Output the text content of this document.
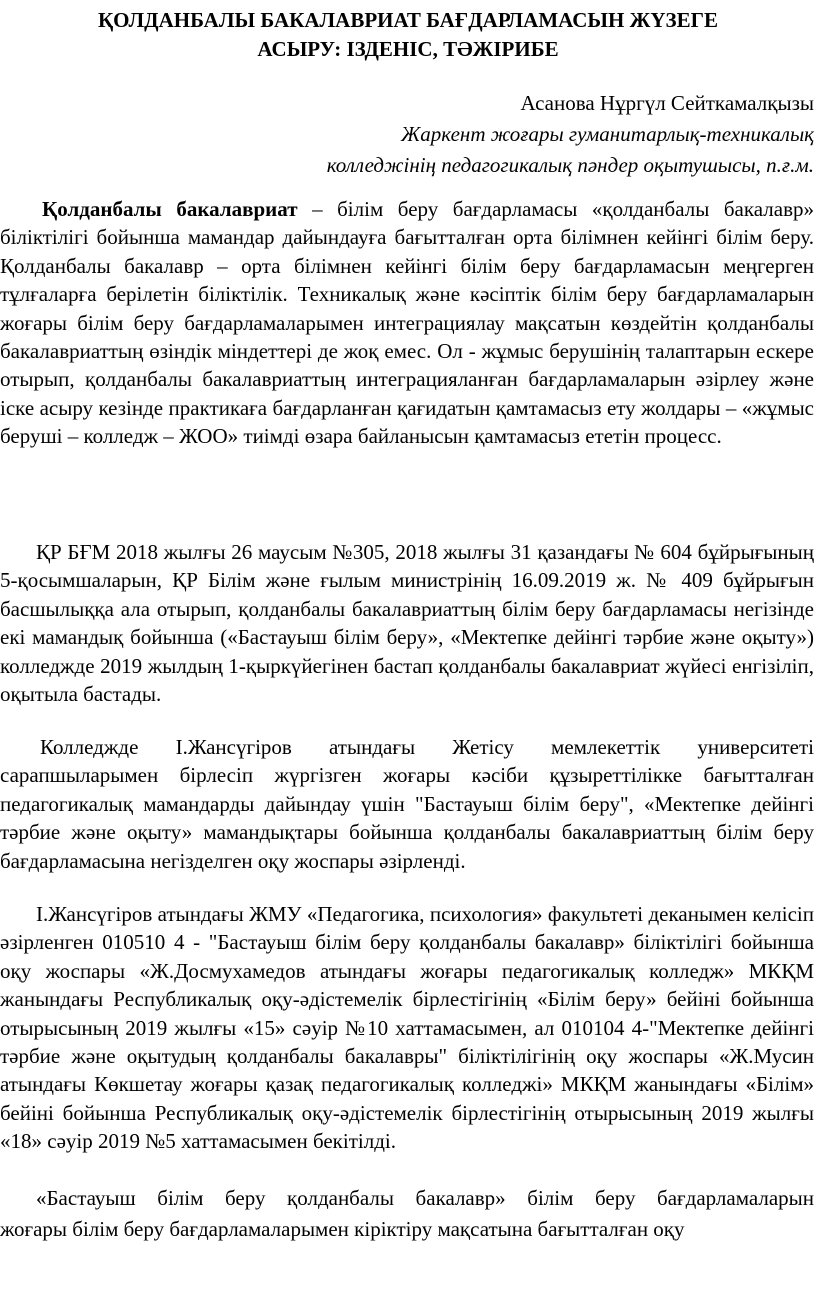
ҚОЛДАНБАЛЫ БАКАЛАВРИАТ БАҒДАРЛАМАСЫН ЖҮЗЕГЕ
АСЫРУ: ІЗДЕНІС, ТӘЖІРИБЕ
Асанова Нұргүл Сейткамалқызы
Жаркент жоғары гуманитарлық-техникалық
колледжінің педагогикалық пәндер оқытушысы, п.ғ.м.

Қолданбалы бакалавриат – білім беру бағдарламасы «қолданбалы бакалавр» біліктілігі бойынша мамандар дайындауға бағытталған орта білімнен кейінгі білім беру. Қолданбалы бакалавр – орта білімнен кейінгі білім беру бағдарламасын меңгерген тұлғаларға берілетін біліктілік. Техникалық және кәсіптік білім беру бағдарламаларын жоғары білім беру бағдарламаларымен интеграциялау мақсатын көздейтін қолданбалы бакалавриаттың өзіндік міндеттері де жоқ емес. Ол - жұмыс берушінің талаптарын ескере отырып, қолданбалы бакалавриаттың интеграцияланған бағдарламаларын әзірлеу және іске асыру кезінде практикаға бағдарланған қағидатын қамтамасыз ету жолдары – «жұмыс беруші – колледж – ЖОО» тиімді өзара байланысын қамтамасыз ететін процесс.

ҚР БҒМ 2018 жылғы 26 маусым №305, 2018 жылғы 31 қазандағы № 604 бұйрығының 5-қосымшаларын, ҚР Білім және ғылым министрінің 16.09.2019 ж. № 409 бұйрығын басшылыққа ала отырып, қолданбалы бакалавриаттың білім беру бағдарламасы негізінде екі мамандық бойынша («Бастауыш білім беру», «Мектепке дейінгі тәрбие және оқыту») колледжде 2019 жылдың 1-қыркүйегінен бастап қолданбалы бакалавриат жүйесі енгізіліп, оқытыла бастады.

Колледжде І.Жансүгіров атындағы Жетісу мемлекеттік университеті сарапшыларымен бірлесіп жүргізген жоғары кәсіби құзыреттілікке бағытталған педагогикалық мамандарды дайындау үшін "Бастауыш білім беру", «Мектепке дейінгі тәрбие және оқыту» мамандықтары бойынша қолданбалы бакалавриаттың білім беру бағдарламасына негізделген оқу жоспары әзірленді.

І.Жансүгіров атындағы ЖМУ «Педагогика, психология» факультеті деканымен келісіп әзірленген 010510 4 - "Бастауыш білім беру қолданбалы бакалавр» біліктілігі бойынша оқу жоспары «Ж.Досмухамедов атындағы жоғары педагогикалық колледж» МКҚМ жанындағы Республикалық оқу-әдістемелік бірлестігінің «Білім беру» бейіні бойынша отырысының 2019 жылғы «15» сәуір №10 хаттамасымен, ал 010104 4-"Мектепке дейінгі тәрбие және оқытудың қолданбалы бакалавры" біліктілігінің оқу жоспары «Ж.Мусин атындағы Көкшетау жоғары қазақ педагогикалық колледжі» МКҚМ жанындағы «Білім» бейіні бойынша Республикалық оқу-әдістемелік бірлестігінің отырысының 2019 жылғы «18» сәуір 2019 №5 хаттамасымен бекітілді.

«Бастауыш білім беру қолданбалы бакалавр» білім беру бағдарламаларын
жоғары білім беру бағдарламаларымен кіріктіру мақсатына бағытталған оқу
